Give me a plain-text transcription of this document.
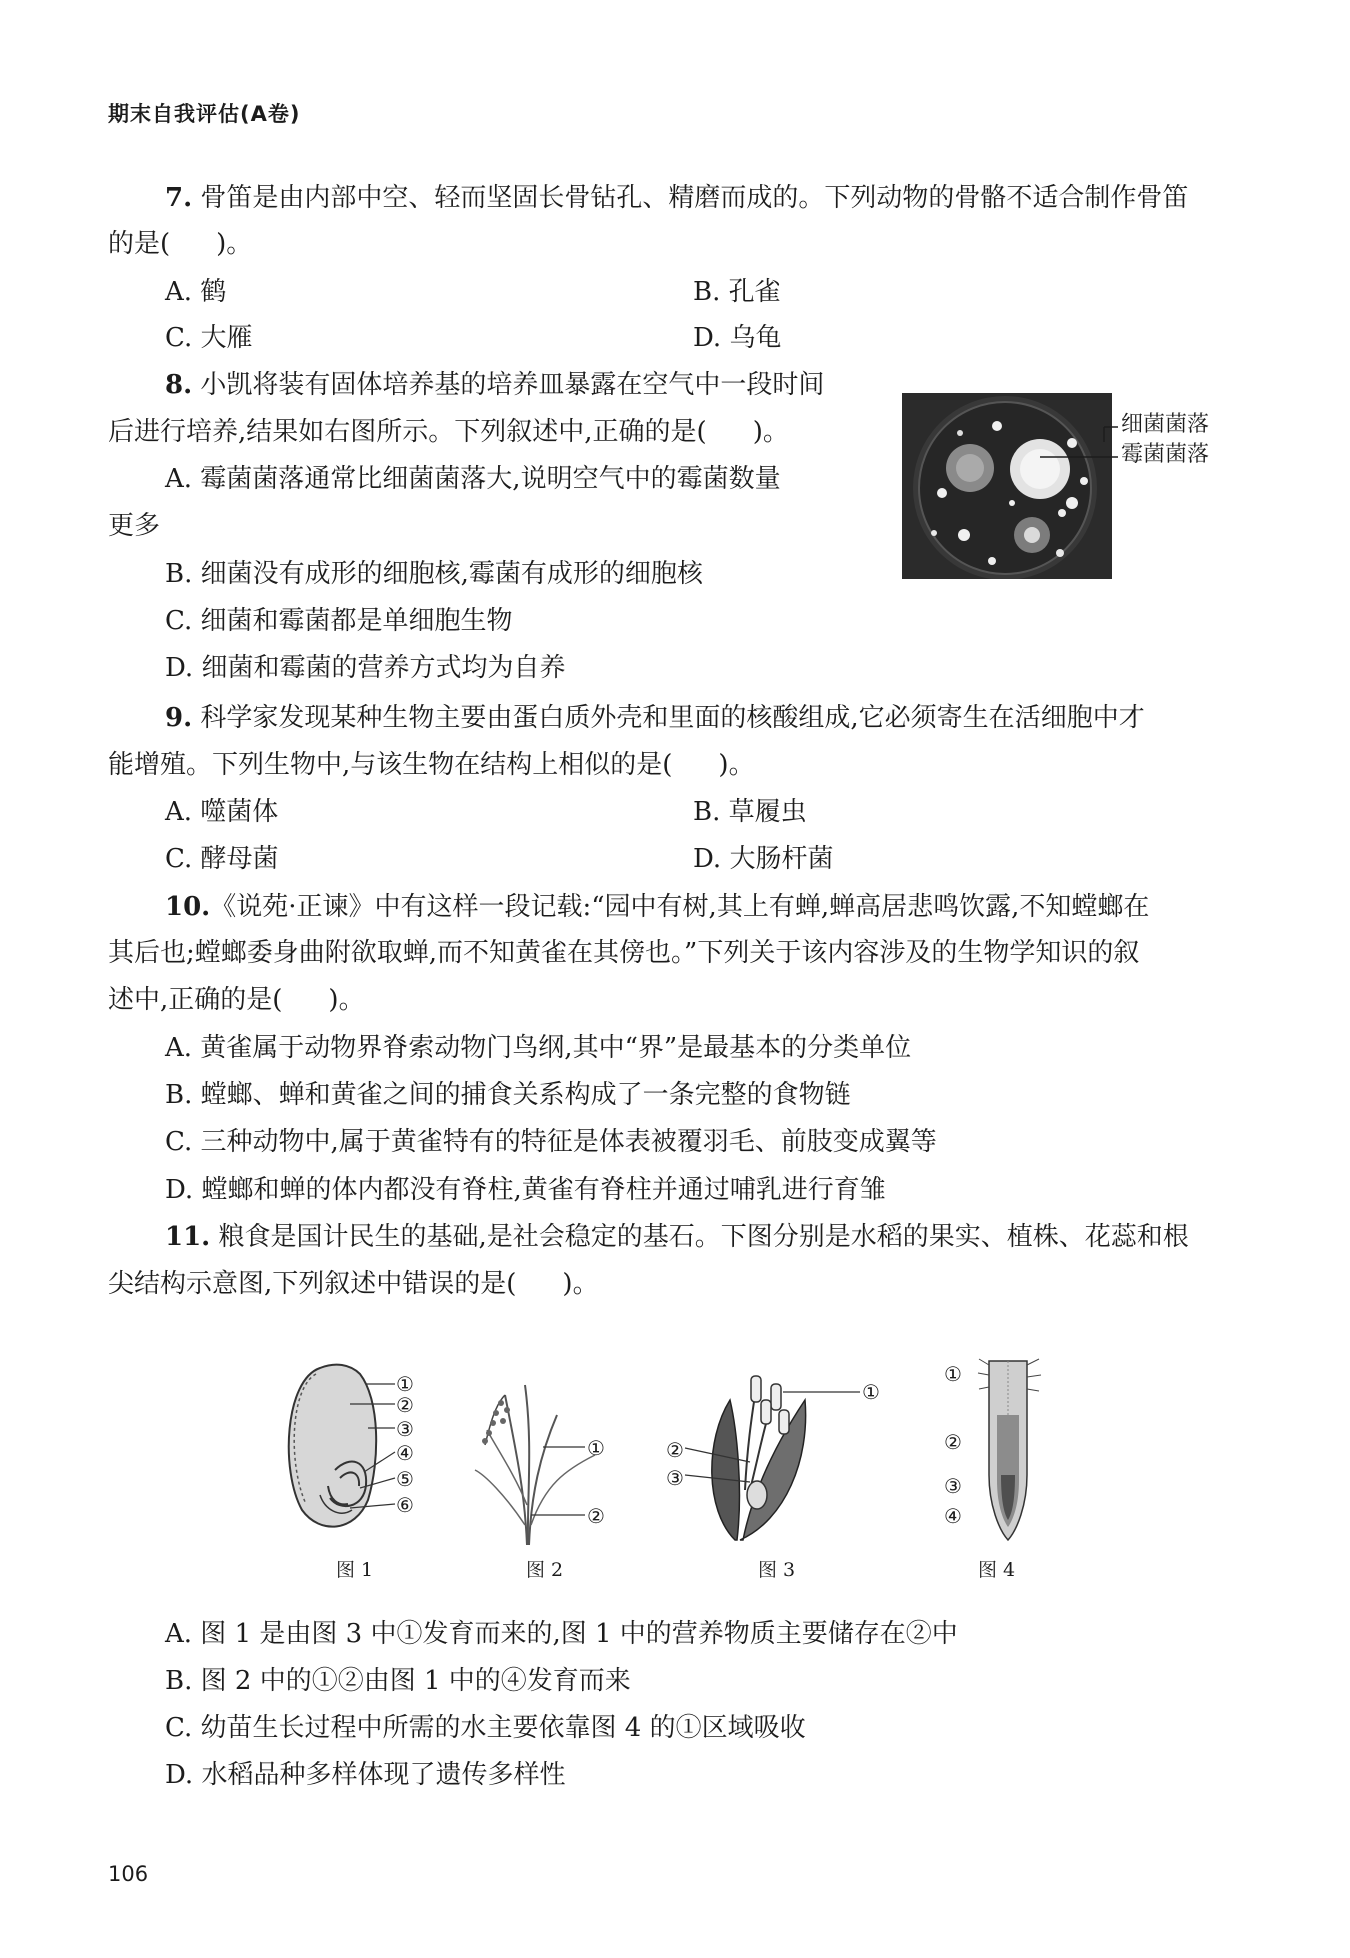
期末自我评估(A卷)
7. 骨笛是由内部中空、轻而坚固长骨钻孔、精磨而成的。下列动物的骨骼不适合制作骨笛
的是( )。
A. 鹤	B. 孔雀
C. 大雁	D. 乌龟
8. 小凯将装有固体培养基的培养皿暴露在空气中一段时间
后进行培养,结果如右图所示。下列叙述中,正确的是( )。
A. 霉菌菌落通常比细菌菌落大,说明空气中的霉菌数量
更多
B. 细菌没有成形的细胞核,霉菌有成形的细胞核
C. 细菌和霉菌都是单细胞生物
D. 细菌和霉菌的营养方式均为自养
细菌菌落
霉菌菌落
9. 科学家发现某种生物主要由蛋白质外壳和里面的核酸组成,它必须寄生在活细胞中才
能增殖。下列生物中,与该生物在结构上相似的是( )。
A. 噬菌体	B. 草履虫
C. 酵母菌	D. 大肠杆菌
10.《说苑·正谏》中有这样一段记载:“园中有树,其上有蝉,蝉高居悲鸣饮露,不知螳螂在
其后也;螳螂委身曲附欲取蝉,而不知黄雀在其傍也。”下列关于该内容涉及的生物学知识的叙
述中,正确的是( )。
A. 黄雀属于动物界脊索动物门鸟纲,其中“界”是最基本的分类单位
B. 螳螂、蝉和黄雀之间的捕食关系构成了一条完整的食物链
C. 三种动物中,属于黄雀特有的特征是体表被覆羽毛、前肢变成翼等
D. 螳螂和蝉的体内都没有脊柱,黄雀有脊柱并通过哺乳进行育雏
11. 粮食是国计民生的基础,是社会稳定的基石。下图分别是水稻的果实、植株、花蕊和根
尖结构示意图,下列叙述中错误的是( )。
①
②
③
④
⑤
⑥
图 1
①
②
图 2
①
②
③
图 3
①
②
③
④
图 4
A. 图 1 是由图 3 中①发育而来的,图 1 中的营养物质主要储存在②中
B. 图 2 中的①②由图 1 中的④发育而来
C. 幼苗生长过程中所需的水主要依靠图 4 的①区域吸收
D. 水稻品种多样体现了遗传多样性
106
